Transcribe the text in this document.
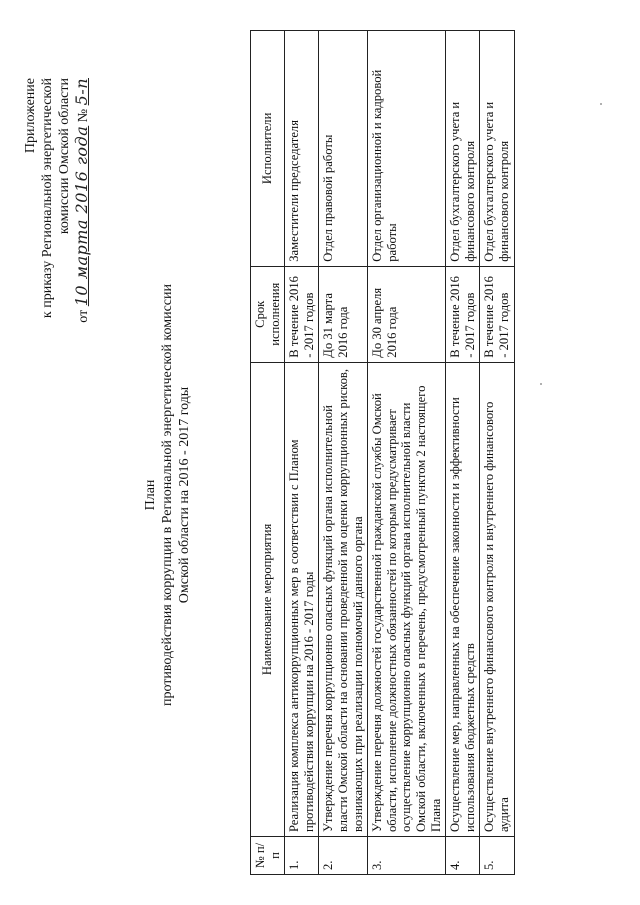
Приложение к приказу Региональной энергетической комиссии Омской области
от 10 марта 2016 года № 5-п
План противодействия коррупции в Региональной энергетической комиссии Омской области на 2016 - 2017 годы
№ п/п	Наименование мероприятия	Срок исполнения	Исполнители
1.	Реализация комплекса антикоррупционных мер в соответствии с Планом противодействия коррупции на 2016 - 2017 годы	В течение 2016 - 2017 годов	Заместители председателя
2.	Утверждение перечня коррупционно опасных функций органа исполнительной власти Омской области на основании проведенной им оценки коррупционных рисков, возникающих при реализации полномочий данного органа	До 31 марта 2016 года	Отдел правовой работы
3.	Утверждение перечня должностей государственной гражданской службы Омской области, исполнение должностных обязанностей по которым предусматривает осуществление коррупционно опасных функций органа исполнительной власти Омской области, включенных в перечень, предусмотренный пунктом 2 настоящего Плана	До 30 апреля 2016 года	Отдел организационной и кадровой работы
4.	Осуществление мер, направленных на обеспечение законности и эффективности использования бюджетных средств	В течение 2016 - 2017 годов	Отдел бухгалтерского учета и финансового контроля
5.	Осуществление внутреннего финансового контроля и внутреннего финансового аудита	В течение 2016 - 2017 годов	Отдел бухгалтерского учета и финансового контроля
